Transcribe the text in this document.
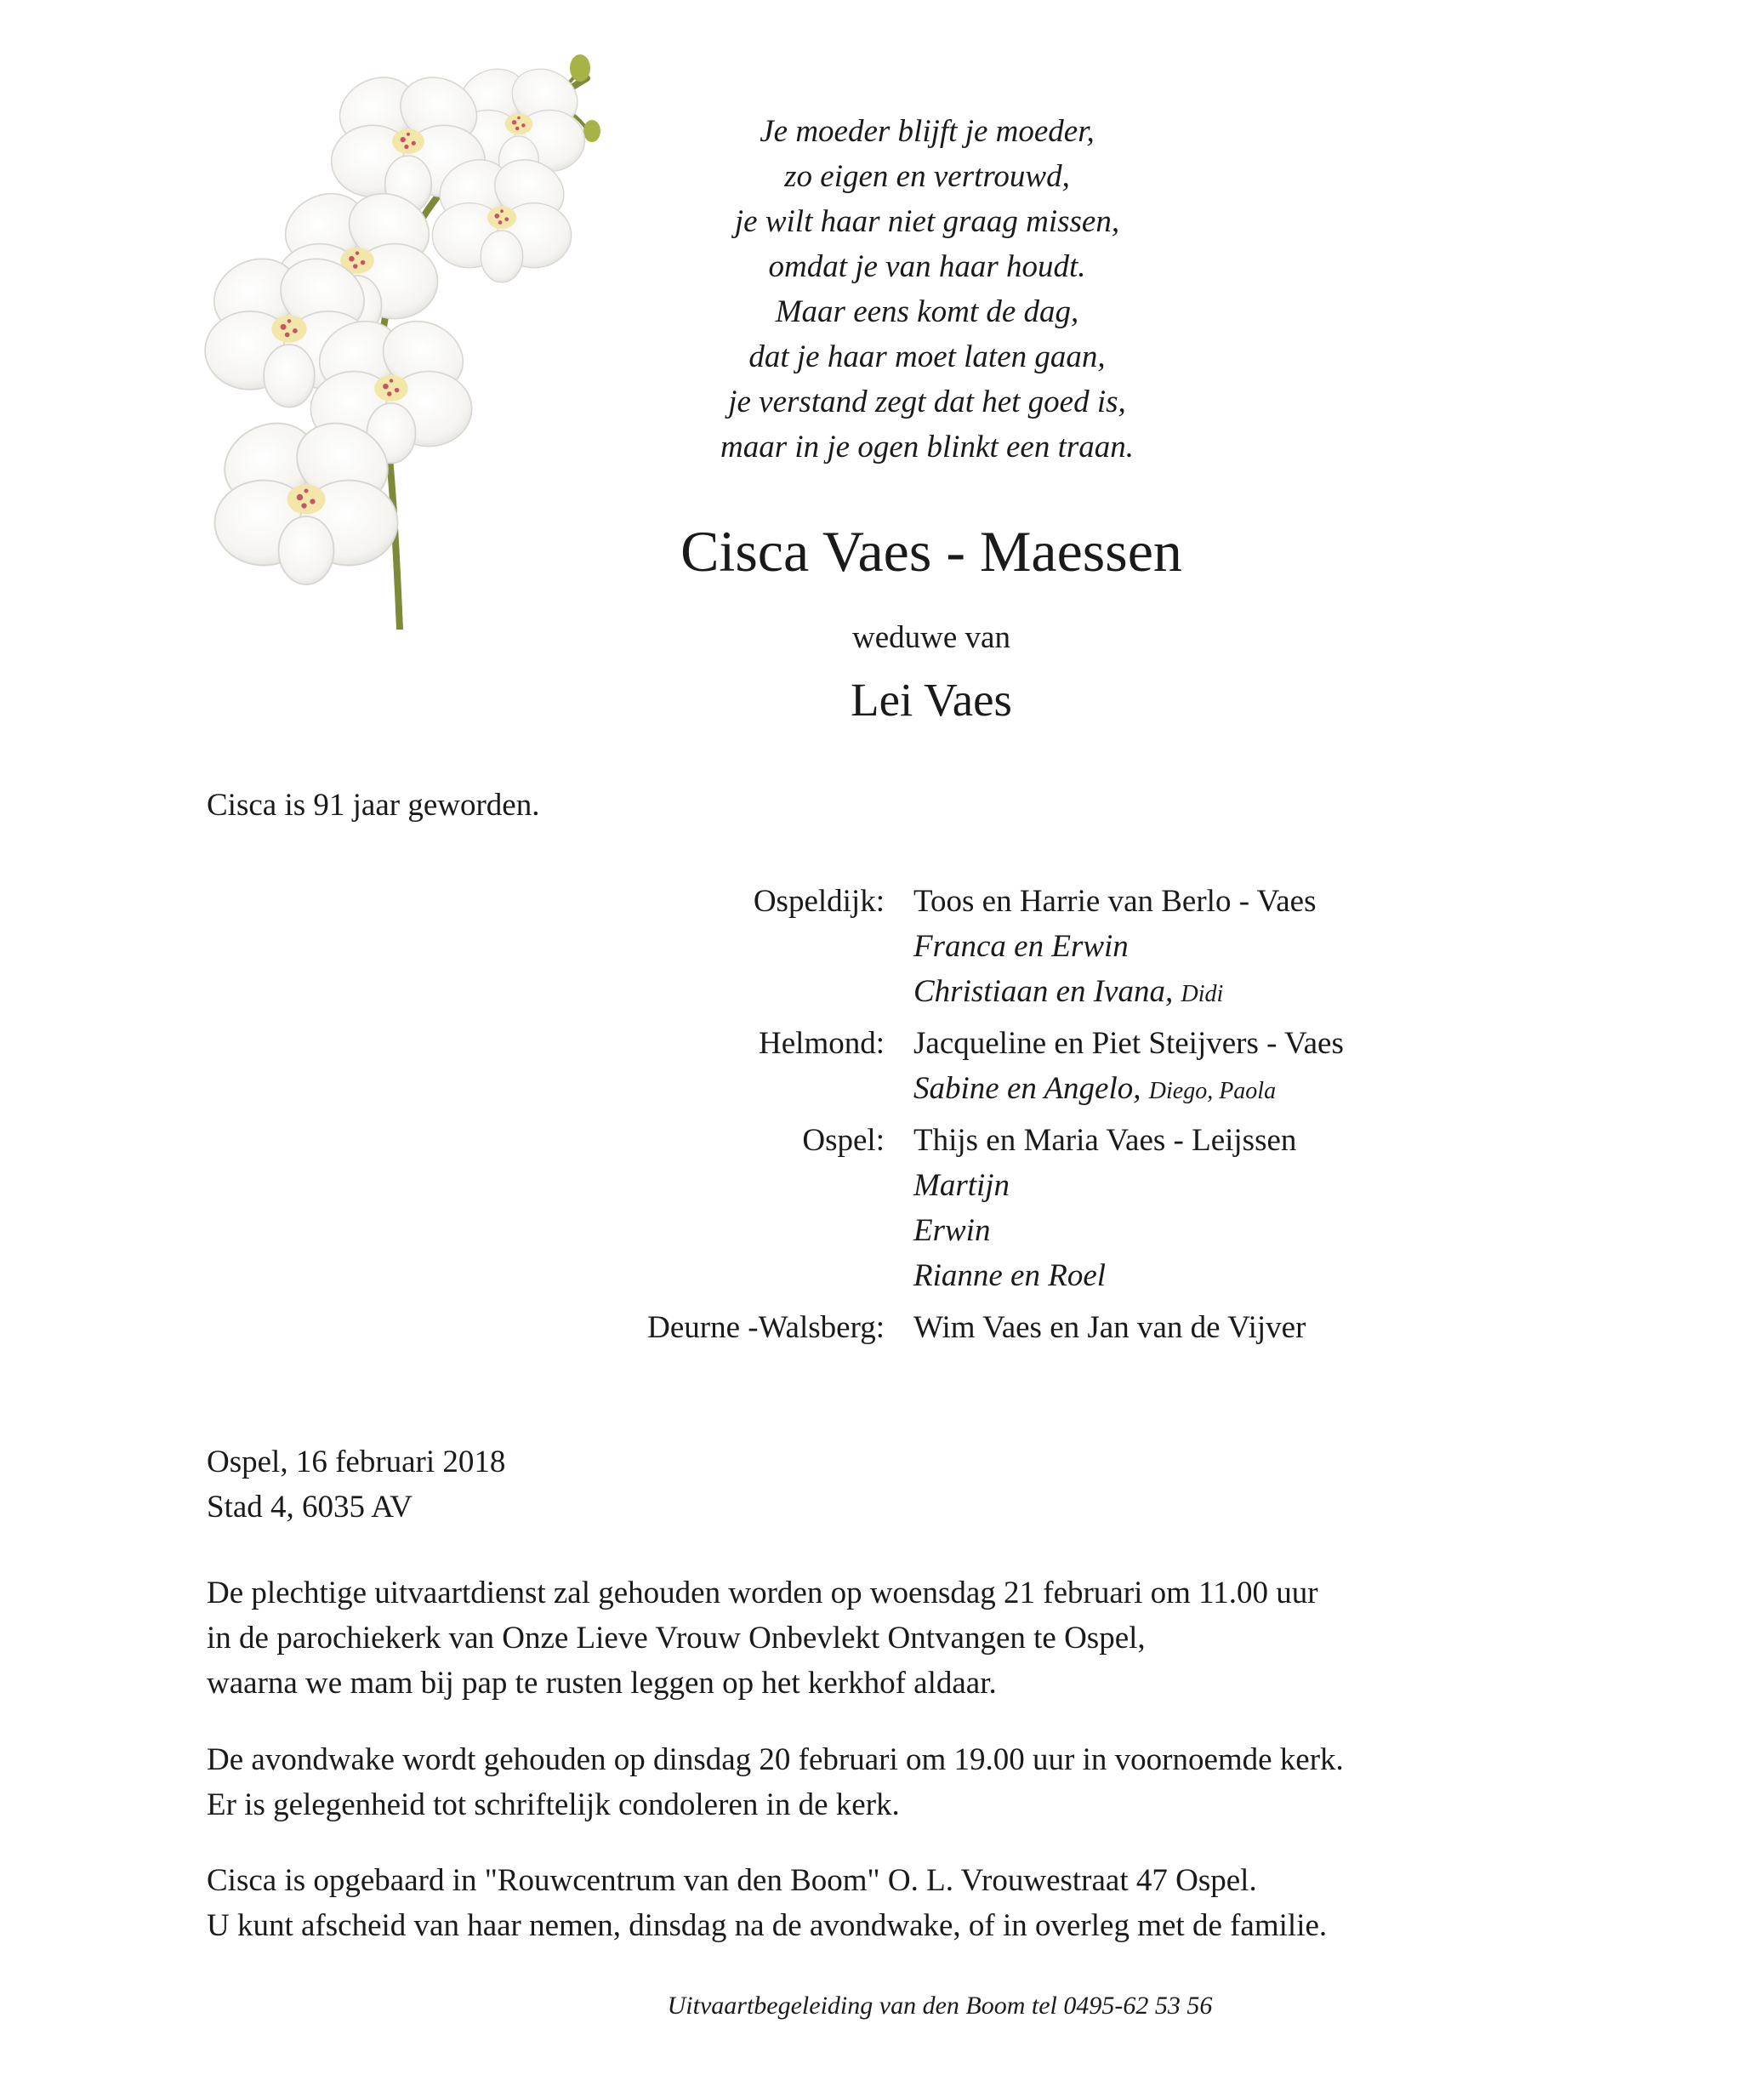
Je moeder blijft je moeder,
zo eigen en vertrouwd,
je wilt haar niet graag missen,
omdat je van haar houdt.
Maar eens komt de dag,
dat je haar moet laten gaan,
je verstand zegt dat het goed is,
maar in je ogen blinkt een traan.
Cisca Vaes - Maessen
weduwe van
Lei Vaes
Cisca is 91 jaar geworden.
Ospeldijk: Toos en Harrie van Berlo - Vaes
Franca en Erwin
Christiaan en Ivana, Didi
Helmond: Jacqueline en Piet Steijvers - Vaes
Sabine en Angelo, Diego, Paola
Ospel: Thijs en Maria Vaes - Leijssen
Martijn
Erwin
Rianne en Roel
Deurne -Walsberg: Wim Vaes en Jan van de Vijver
Ospel, 16 februari 2018
Stad 4, 6035 AV
De plechtige uitvaartdienst zal gehouden worden op woensdag 21 februari om 11.00 uur
in de parochiekerk van Onze Lieve Vrouw Onbevlekt Ontvangen te Ospel,
waarna we mam bij pap te rusten leggen op het kerkhof aldaar.
De avondwake wordt gehouden op dinsdag 20 februari om 19.00 uur in voornoemde kerk.
Er is gelegenheid tot schriftelijk condoleren in de kerk.
Cisca is opgebaard in "Rouwcentrum van den Boom" O. L. Vrouwestraat 47 Ospel.
U kunt afscheid van haar nemen, dinsdag na de avondwake, of in overleg met de familie.
Uitvaartbegeleiding van den Boom tel 0495-62 53 56
